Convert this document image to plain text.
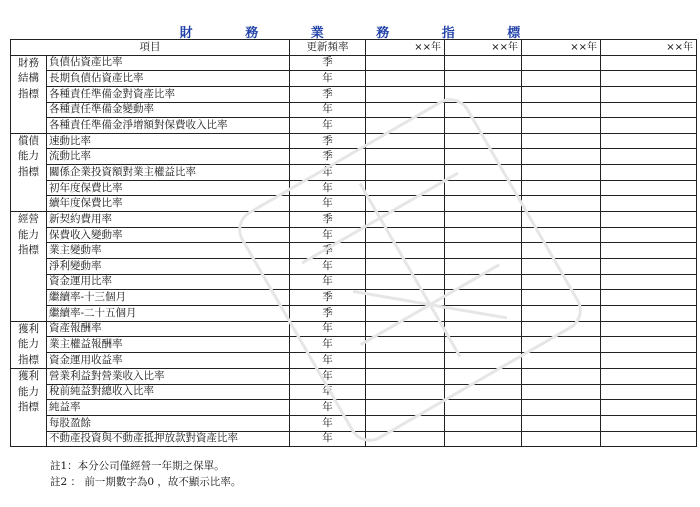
財 務 業 務 指 標
項目		更新頻率	××年	××年	××年	××年

財務
結構
指標	負債佔資產比率	季				
	長期負債佔資產比率	年				
	各種責任準備金對資產比率	季				
	各種責任準備金變動率	年				
	各種責任準備金淨增額對保費收入比率	年				

償債
能力
指標	速動比率	季				
	流動比率	季				
	關係企業投資額對業主權益比率	年				
	初年度保費比率	年				
	續年度保費比率	年				

經營
能力
指標	新契約費用率	季				
	保費收入變動率	年				
	業主變動率	季				
	淨利變動率	年				
	資金運用比率	年				
	繼續率-十三個月	季				
	繼續率-二十五個月	季				

獲利
能力
指標	資產報酬率	年				
	業主權益報酬率	年				
	資金運用收益率	年				

獲利
能力
指標	營業利益對營業收入比率	年				
	稅前純益對總收入比率	年				
	純益率	年				
	每股盈餘	年				
	不動產投資與不動產抵押放款對資產比率	年				
註1：本分公司僅經營一年期之保單。
註2 ： 前一期數字為0 ，故不顯示比率。
